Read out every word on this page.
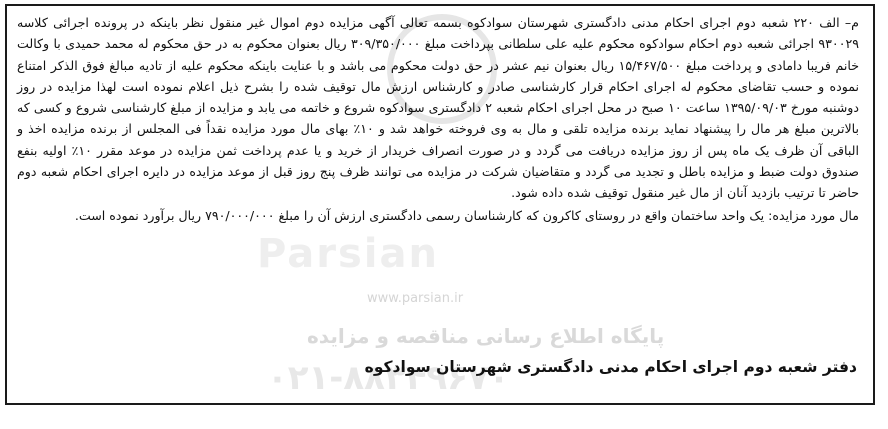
Parsian
www.parsian.ir
پایگاه اطلاع رسانی مناقصه و مزایده
۰۲۱-۸۸۳۴۹۶۷۰

م– الف ۲۲۰ شعبه دوم اجرای احکام مدنی دادگستری شهرستان سوادکوه بسمه تعالی آگهی مزایده دوم اموال غیر منقول نظر باینکه در پرونده اجرائی کلاسه ۹۳۰۰۲۹ اجرائی شعبه دوم احکام سوادکوه محکوم علیه علی سلطانی بپرداخت مبلغ ۳۰۹/۳۵۰/۰۰۰ ریال بعنوان محکوم به در حق محکوم له محمد حمیدی با وکالت خانم فریبا دامادی و پرداخت مبلغ ۱۵/۴۶۷/۵۰۰ ریال بعنوان نیم عشر در حق دولت محکوم می باشد و با عنایت باینکه محکوم علیه از تادیه مبالغ فوق الذکر امتناع نموده و حسب تقاضای محکوم له اجرای احکام قرار کارشناسی صادر و کارشناس ارزش مال توقیف شده را بشرح ذیل اعلام نموده است لهذا مزایده در روز دوشنبه مورخ ۱۳۹۵/۰۹/۰۳ ساعت ۱۰ صبح در محل اجرای احکام شعبه ۲ دادگستری سوادکوه شروع و خاتمه می یابد و مزایده از مبلغ کارشناسی شروع و کسی که بالاترین مبلغ هر مال را پیشنهاد نماید برنده مزایده تلقی و مال به وی فروخته خواهد شد و ۱۰٪ بهای مال مورد مزایده نقداً فی المجلس از برنده مزایده اخذ و الباقی آن ظرف یک ماه پس از روز مزایده دریافت می گردد و در صورت انصراف خریدار از خرید و یا عدم پرداخت ثمن مزایده در موعد مقرر ۱۰٪ اولیه بنفع صندوق دولت ضبط و مزایده باطل و تجدید می گردد و متقاضیان شرکت در مزایده می توانند ظرف پنج روز قبل از موعد مزایده در دایره اجرای احکام شعبه دوم حاضر تا ترتیب بازدید آنان از مال غیر منقول توقیف شده داده شود.

مال مورد مزایده: یک واحد ساختمان واقع در روستای کاکرون که کارشناسان رسمی دادگستری ارزش آن را مبلغ ۷۹۰/۰۰۰/۰۰۰ ریال برآورد نموده است.

دفتر شعبه دوم اجرای احکام مدنی دادگستری شهرستان سوادکوه
